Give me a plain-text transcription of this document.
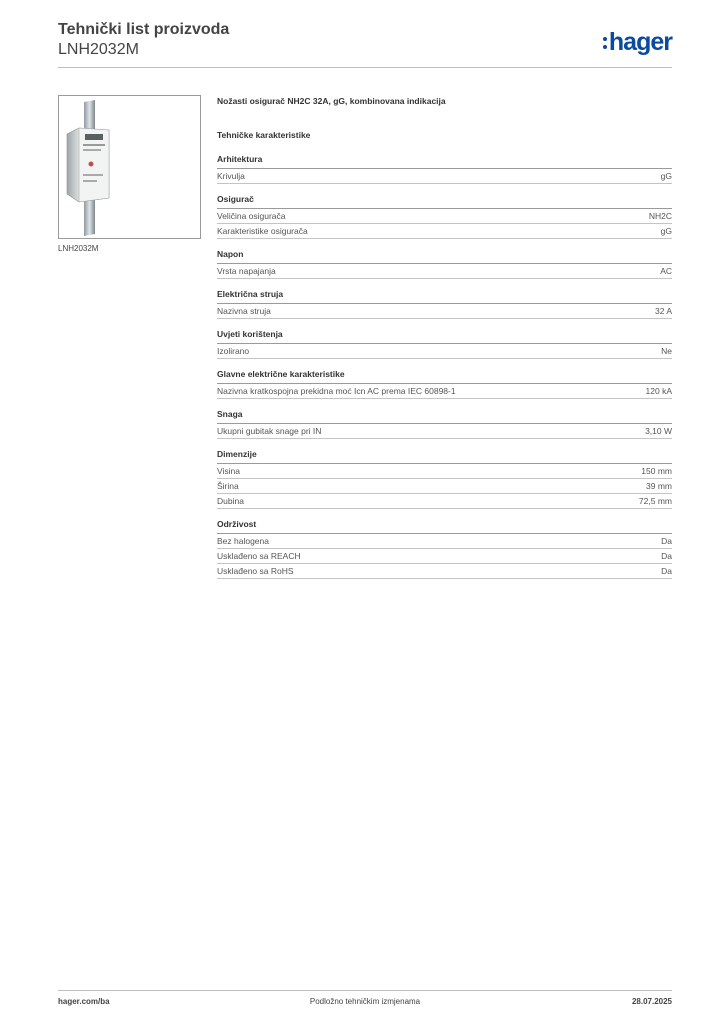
Tehnički list proizvoda
LNH2032M	hager
LNH2032M
Nožasti osigurač NH2C 32A, gG, kombinovana indikacija
Tehničke karakteristike
Arhitektura
Krivulja	gG
Osigurač
Veličina osigurača	NH2C
Karakteristike osigurača	gG
Napon
Vrsta napajanja	AC
Električna struja
Nazivna struja	32 A
Uvjeti korištenja
Izolirano	Ne
Glavne električne karakteristike
Nazivna kratkospojna prekidna moć Icn AC prema IEC 60898-1	120 kA
Snaga
Ukupni gubitak snage pri IN	3,10 W
Dimenzije
Visina	150 mm
Širina	39 mm
Dubina	72,5 mm
Održivost
Bez halogena	Da
Usklađeno sa REACH	Da
Usklađeno sa RoHS	Da
hager.com/ba	Podložno tehničkim izmjenama	28.07.2025
